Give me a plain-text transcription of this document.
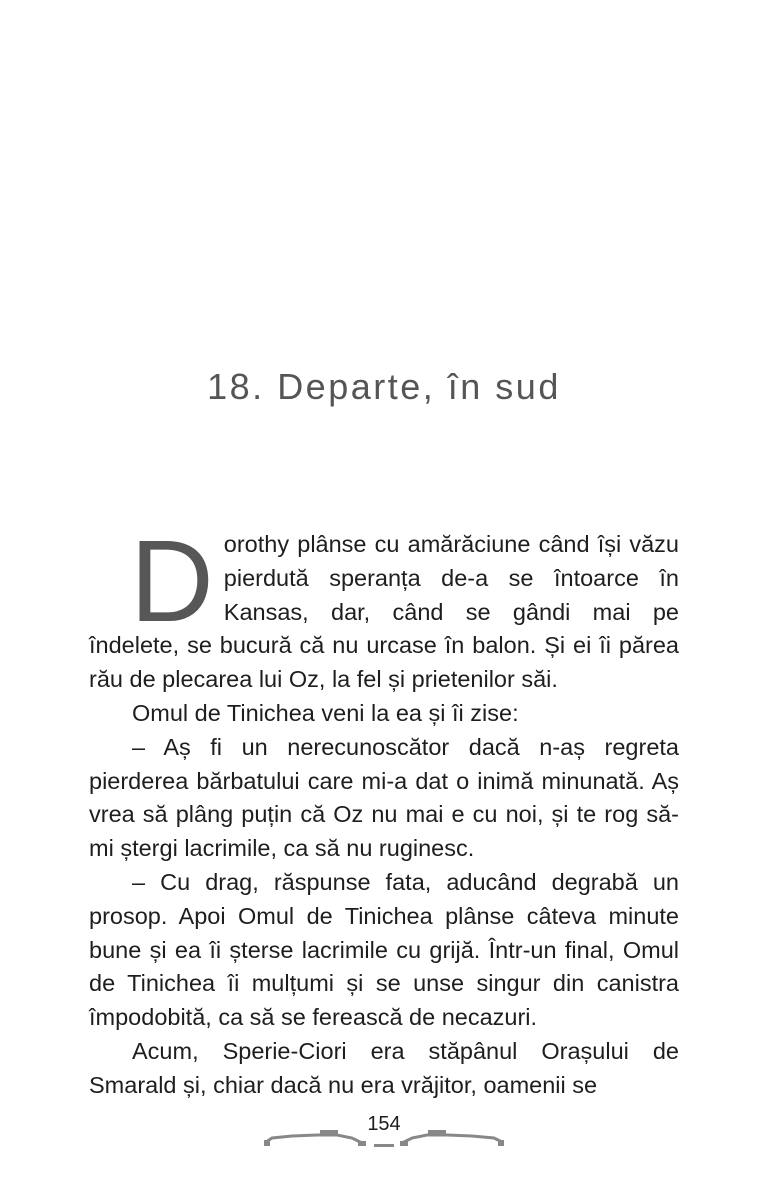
18. Departe, în sud

Dorothy plânse cu amărăciune când își văzu pierdută speranța de-a se întoarce în Kansas, dar, când se gândi mai pe îndelete, se bucură că nu urcase în balon. Și ei îi părea rău de plecarea lui Oz, la fel și prietenilor săi.

Omul de Tinichea veni la ea și îi zise:

– Aș fi un nerecunoscător dacă n-aș regreta pierderea bărbatului care mi-a dat o inimă minunată. Aș vrea să plâng puțin că Oz nu mai e cu noi, și te rog să-mi ștergi lacrimile, ca să nu ruginesc.

– Cu drag, răspunse fata, aducând degrabă un prosop. Apoi Omul de Tinichea plânse câteva minute bune și ea îi șterse lacrimile cu grijă. Într-un final, Omul de Tinichea îi mulțumi și se unse singur din canistra împodobită, ca să se ferească de necazuri.

Acum, Sperie-Ciori era stăpânul Orașului de Smarald și, chiar dacă nu era vrăjitor, oamenii se

154
